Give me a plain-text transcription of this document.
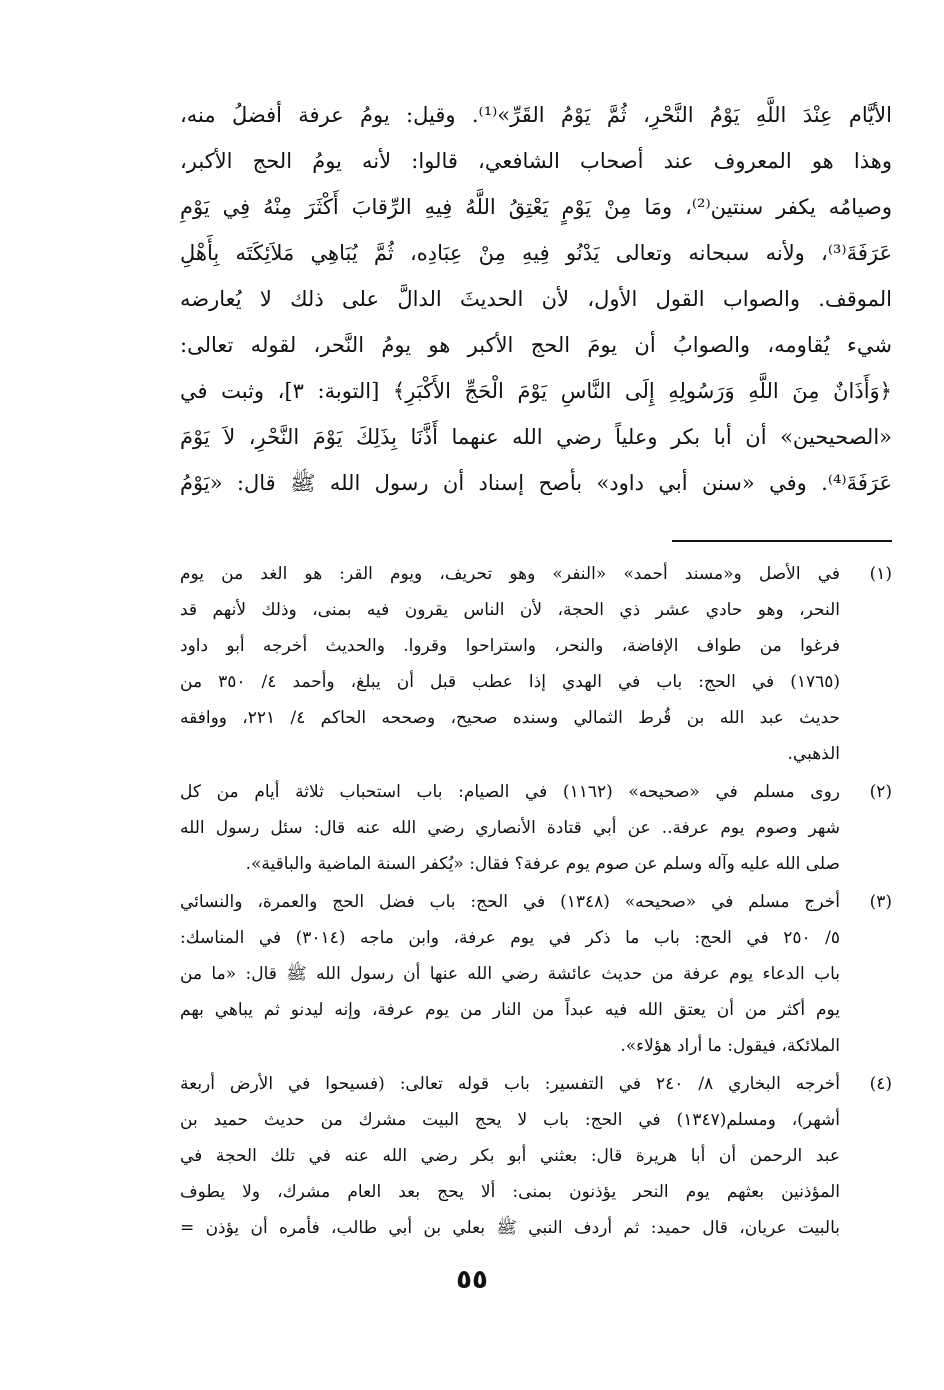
الأيَّام عِنْدَ اللَّهِ يَوْمُ النَّحْرِ، ثُمَّ يَوْمُ القَرِّ»⁽¹⁾. وقيل: يومُ عرفة أفضلُ منه،
وهذا هو المعروف عند أصحاب الشافعي، قالوا: لأنه يومُ الحج الأكبر،
وصيامُه يكفر سنتين⁽²⁾، ومَا مِنْ يَوْمٍ يَعْتِقُ اللَّهُ فِيهِ الرِّقابَ أَكْثَرَ مِنْهُ فِي يَوْمِ
عَرَفَةَ⁽³⁾، ولأنه سبحانه وتعالى يَدْنُو فِيهِ مِنْ عِبَادِه، ثُمَّ يُبَاهِي مَلاَئِكَتَه بِأَهْلِ
الموقف. والصواب القول الأول، لأن الحديثَ الدالَّ على ذلك لا يُعارضه
شيء يُقاومه، والصوابُ أن يومَ الحج الأكبر هو يومُ النَّحر، لقوله تعالى:
﴿وَأَذَانٌ مِنَ اللَّهِ وَرَسُولِهِ إِلَى النَّاسِ يَوْمَ الْحَجِّ الأَكْبَرِ﴾ [التوبة: ٣]، وثبت في
«الصحيحين» أن أبا بكر وعلياً رضي الله عنهما أَذَّنَا بِذَلِكَ يَوْمَ النَّحْرِ، لاَ يَوْمَ
عَرَفَةَ⁽⁴⁾. وفي «سنن أبي داود» بأصح إسناد أن رسول الله ﷺ قال: «يَوْمُ
(١)
في الأصل و«مسند أحمد» «النفر» وهو تحريف، ويوم القر: هو الغد من يوم
النحر، وهو حادي عشر ذي الحجة، لأن الناس يقرون فيه بمنى، وذلك لأنهم قد
فرغوا من طواف الإفاضة، والنحر، واستراحوا وقروا. والحديث أخرجه أبو داود
(١٧٦٥) في الحج: باب في الهدي إذا عطب قبل أن يبلغ، وأحمد ٤/ ٣٥٠ من
حديث عبد الله بن قُرط الثمالي وسنده صحيح، وصححه الحاكم ٤/ ٢٢١، ووافقه
الذهبي.
(٢)
روى مسلم في «صحيحه» (١١٦٢) في الصيام: باب استحباب ثلاثة أيام من كل
شهر وصوم يوم عرفة.. عن أبي قتادة الأنصاري رضي الله عنه قال: سئل رسول الله
صلى الله عليه وآله وسلم عن صوم يوم عرفة؟ فقال: «يُكفر السنة الماضية والباقية».
(٣)
أخرج مسلم في «صحيحه» (١٣٤٨) في الحج: باب فضل الحج والعمرة، والنسائي
٥/ ٢٥٠ في الحج: باب ما ذكر في يوم عرفة، وابن ماجه (٣٠١٤) في المناسك:
باب الدعاء يوم عرفة من حديث عائشة رضي الله عنها أن رسول الله ﷺ قال: «ما من
يوم أكثر من أن يعتق الله فيه عبداً من النار من يوم عرفة، وإنه ليدنو ثم يباهي بهم
الملائكة، فيقول: ما أراد هؤلاء».
(٤)
أخرجه البخاري ٨/ ٢٤٠ في التفسير: باب قوله تعالى: (فسيحوا في الأرض أربعة
أشهر)، ومسلم(١٣٤٧) في الحج: باب لا يحج البيت مشرك من حديث حميد بن
عبد الرحمن أن أبا هريرة قال: بعثني أبو بكر رضي الله عنه في تلك الحجة في
المؤذنين بعثهم يوم النحر يؤذنون بمنى: ألا يحج بعد العام مشرك، ولا يطوف
بالبيت عريان، قال حميد: ثم أردف النبي ﷺ بعلي بن أبي طالب، فأمره أن يؤذن =
٥٥
